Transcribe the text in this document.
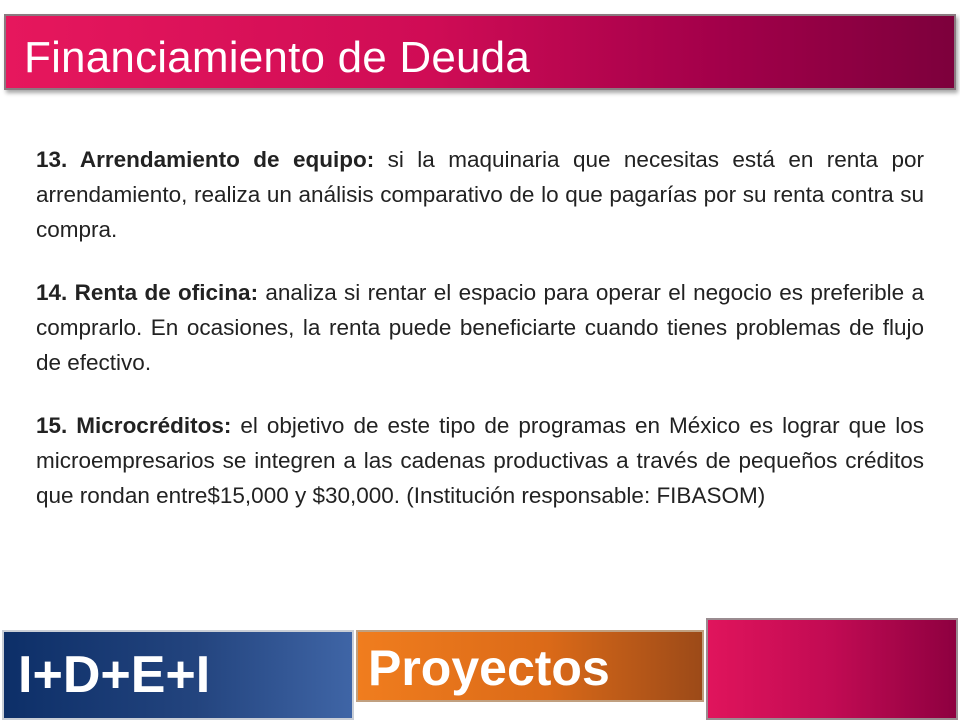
Financiamiento de Deuda

13. Arrendamiento de equipo: si la maquinaria que necesitas está en renta por arrendamiento, realiza un análisis comparativo de lo que pagarías por su renta contra su compra.

14. Renta de oficina: analiza si rentar el espacio para operar el negocio es preferible a comprarlo. En ocasiones, la renta puede beneficiarte cuando tienes problemas de flujo de efectivo.

15. Microcréditos: el objetivo de este tipo de programas en México es lograr que los microempresarios se integren a las cadenas productivas a través de pequeños créditos que rondan entre$15,000 y $30,000. (Institución responsable: FIBASOM)

I+D+E+I	Proyectos
